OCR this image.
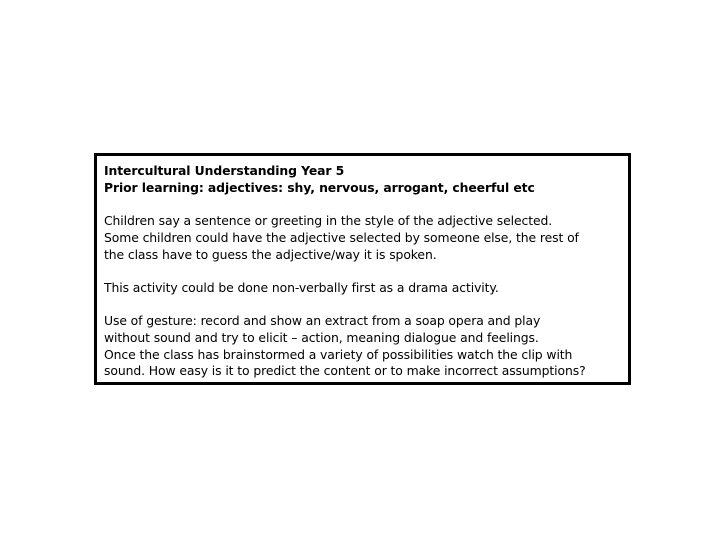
Intercultural Understanding Year 5
Prior learning: adjectives: shy, nervous, arrogant, cheerful etc
Children say a sentence or greeting in the style of the adjective selected.
Some children could have the adjective selected by someone else, the rest of
the class have to guess the adjective/way it is spoken.
This activity could be done non-verbally first as a drama activity.
Use of gesture: record and show an extract from a soap opera and play
without sound and try to elicit – action, meaning dialogue and feelings.
Once the class has brainstormed a variety of possibilities watch the clip with
sound. How easy is it to predict the content or to make incorrect assumptions?
